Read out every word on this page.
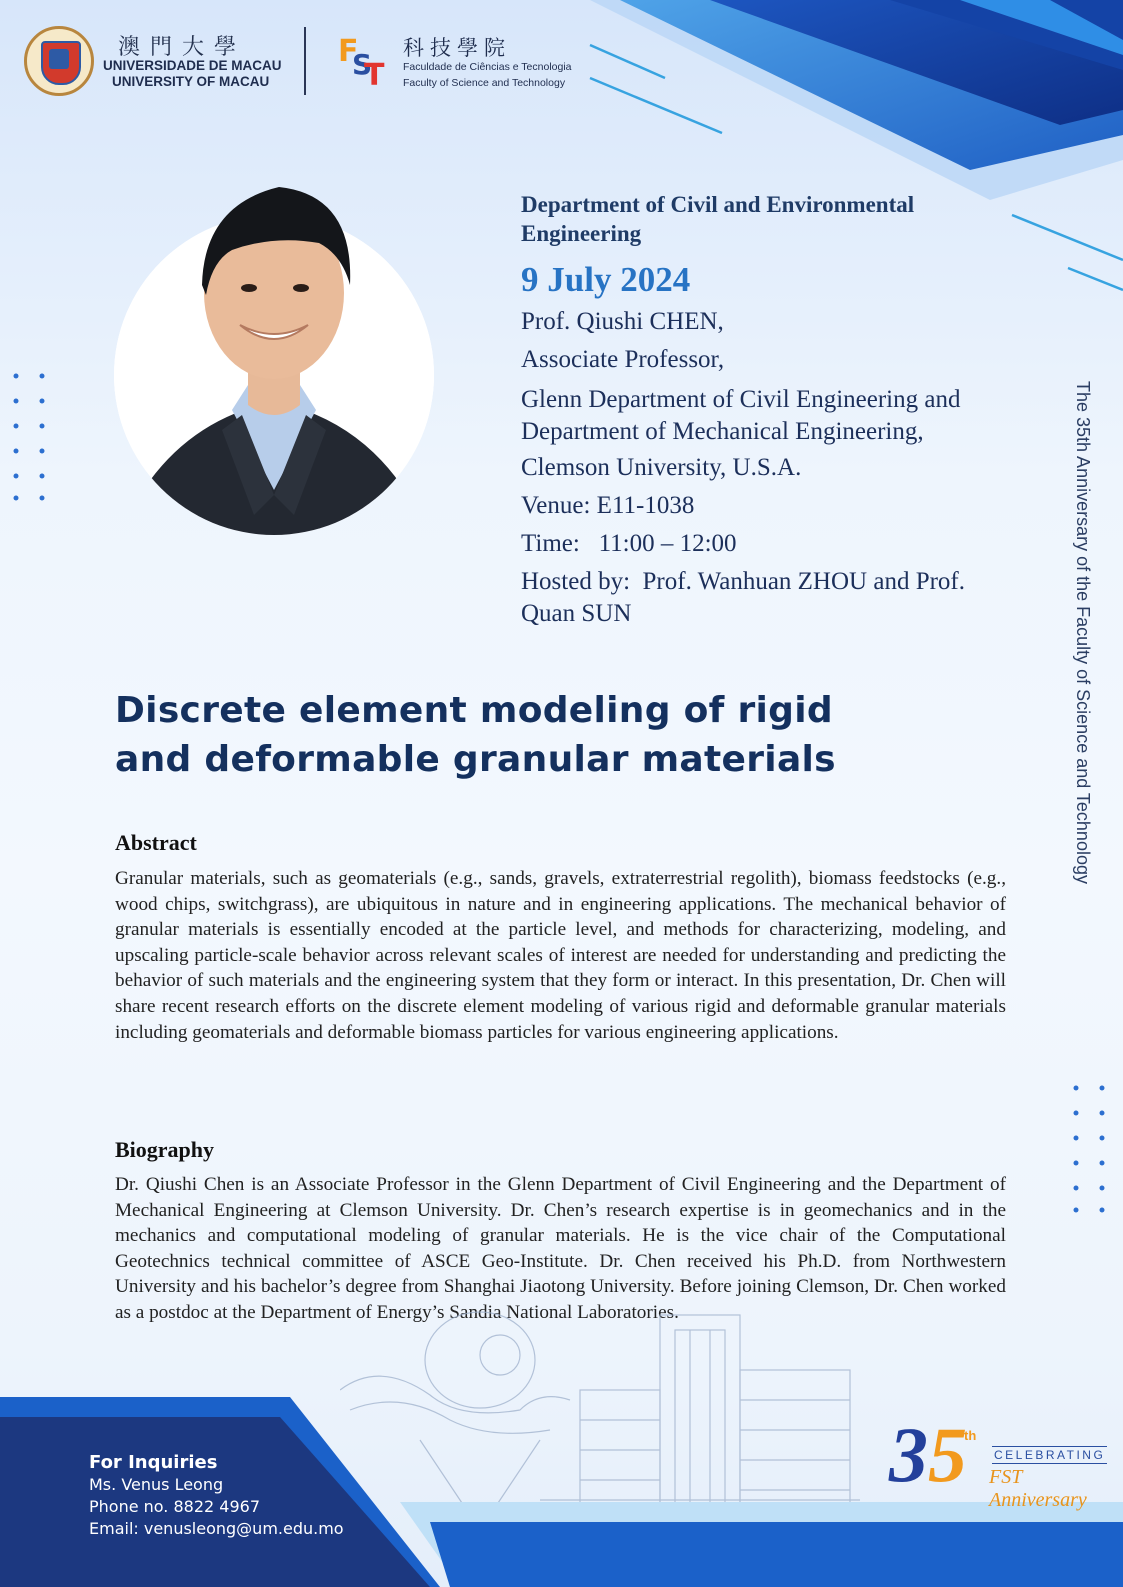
澳門大學
UNIVERSIDADE DE MACAU
UNIVERSITY OF MACAU
F
S
T
科技學院
Faculdade de Ciências e Tecnologia
Faculty of Science and Technology
Department of Civil and Environmental Engineering
9 July 2024
Prof. Qiushi CHEN,
Associate Professor,
Glenn Department of Civil Engineering and Department of Mechanical Engineering,
Clemson University, U.S.A.
Venue: E11-1038
Time:   11:00 – 12:00
Hosted by:  Prof. Wanhuan ZHOU and Prof. Quan SUN
Discrete element modeling of rigid and deformable granular materials
Abstract
Granular materials, such as geomaterials (e.g., sands, gravels, extraterrestrial regolith), biomass feedstocks (e.g., wood chips, switchgrass), are ubiquitous in nature and in engineering applications. The mechanical behavior of granular materials is essentially encoded at the particle level, and methods for characterizing, modeling, and upscaling particle-scale behavior across relevant scales of interest are needed for understanding and predicting the behavior of such materials and the engineering system that they form or interact. In this presentation, Dr. Chen will share recent research efforts on the discrete element modeling of various rigid and deformable granular materials including geomaterials and deformable biomass particles for various engineering applications.
Biography
Dr. Qiushi Chen is an Associate Professor in the Glenn Department of Civil Engineering and the Department of Mechanical Engineering at Clemson University. Dr. Chen’s research expertise is in geomechanics and in the mechanics and computational modeling of granular materials. He is the vice chair of the Computational Geotechnics technical committee of ASCE Geo-Institute. Dr. Chen received his Ph.D. from Northwestern University and his bachelor’s degree from Shanghai Jiaotong University. Before joining Clemson, Dr. Chen worked as a postdoc at the Department of Energy’s Sandia National Laboratories.
The 35th Anniversary of the Faculty of Science and Technology
For Inquiries
Ms. Venus Leong
Phone no. 8822 4967
Email: venusleong@um.edu.mo
3 5
th
CELEBRATING
FST Anniversary
